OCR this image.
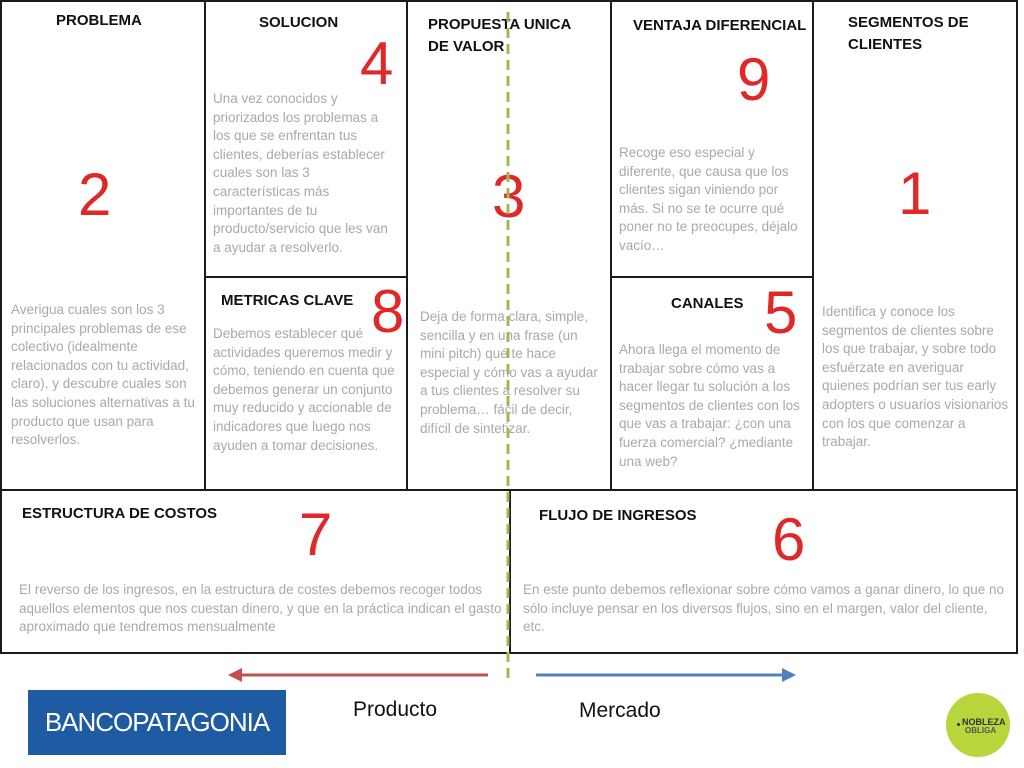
PROBLEMA
2
Averigua cuales son los 3 principales problemas de ese colectivo (idealmente relacionados con tu actividad, claro), y descubre cuales son las soluciones alternativas a tu producto que usan para resolverlos.
SOLUCION
4
Una vez conocidos y priorizados los problemas a los que se enfrentan tus clientes, deberías establecer cuales son las 3 características más importantes de tu producto/servicio que les van a ayudar a resolverlo.
METRICAS CLAVE 8
Debemos establecer qué actividades queremos medir y cómo, teniendo en cuenta que debemos generar un conjunto muy reducido y accionable de indicadores que luego nos ayuden a tomar decisiones.
PROPUESTA UNICA
DE VALOR
3
Deja de forma clara, simple, sencilla y en una frase (un mini pitch) qué te hace especial y cómo vas a ayudar a tus clientes a resolver su problema… fácil de decir, difícil de sintetizar.
VENTAJA DIFERENCIAL
9
Recoge eso especial y diferente, que causa que los clientes sigan viniendo por más. Si no se te ocurre qué poner no te preocupes, déjalo vacío…
CANALES 5
Ahora llega el momento de trabajar sobre cómo vas a hacer llegar tu solución a los segmentos de clientes con los que vas a trabajar: ¿con una fuerza comercial? ¿mediante una web?
SEGMENTOS DE
CLIENTES
1
Identifica y conoce los segmentos de clientes sobre los que trabajar, y sobre todo esfuérzate en averiguar quienes podrían ser tus early adopters o usuarios visionarios con los que comenzar a trabajar.
ESTRUCTURA DE COSTOS 7
El reverso de los ingresos, en la estructura de costes debemos recoger todos aquellos elementos que nos cuestan dinero, y que en la práctica indican el gasto aproximado que tendremos mensualmente
FLUJO DE INGRESOS 6
En este punto debemos reflexionar sobre cómo vamos a ganar dinero, lo que no sólo incluye pensar en los diversos flujos, sino en el margen, valor del cliente, etc.
Producto	Mercado
BANCOPATAGONIA	NOBLEZA
OBLIGA
